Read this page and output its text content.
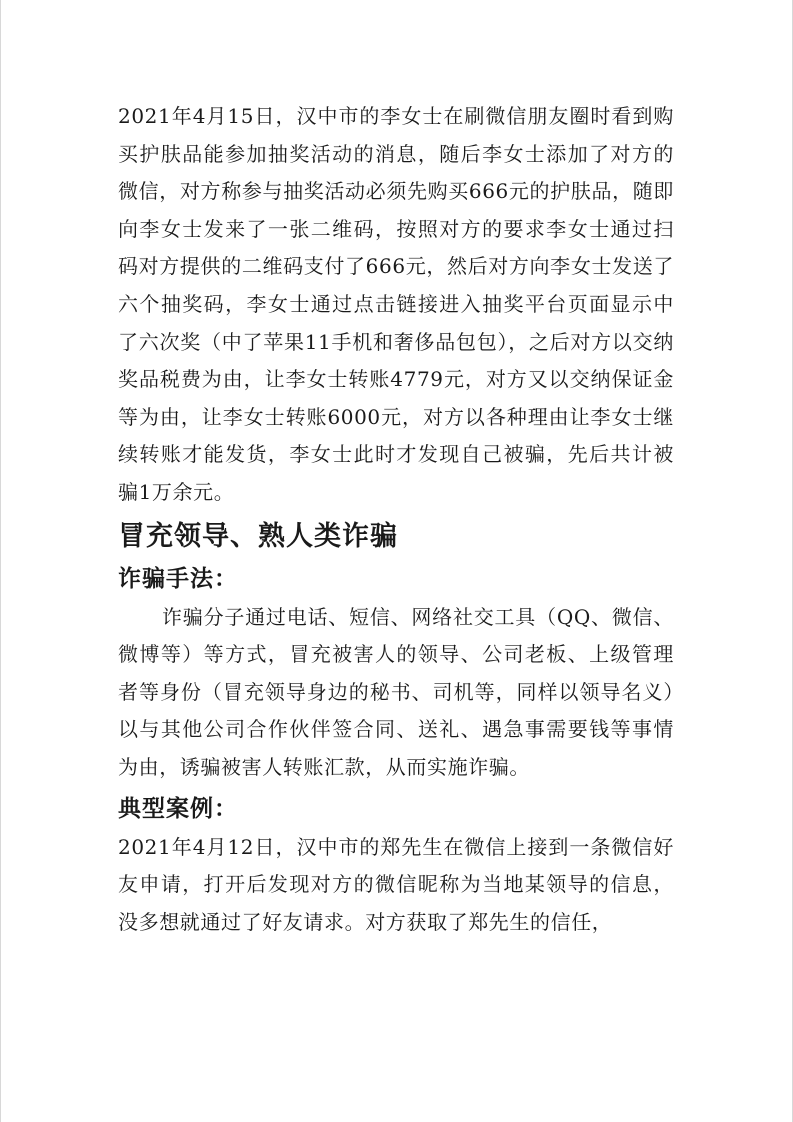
2021年4月15日，汉中市的李女士在刷微信朋友圈时看到购买护肤品能参加抽奖活动的消息，随后李女士添加了对方的微信，对方称参与抽奖活动必须先购买666元的护肤品，随即向李女士发来了一张二维码，按照对方的要求李女士通过扫码对方提供的二维码支付了666元，然后对方向李女士发送了六个抽奖码，李女士通过点击链接进入抽奖平台页面显示中了六次奖（中了苹果11手机和奢侈品包包），之后对方以交纳奖品税费为由，让李女士转账4779元，对方又以交纳保证金等为由，让李女士转账6000元，对方以各种理由让李女士继续转账才能发货，李女士此时才发现自己被骗，先后共计被骗1万余元。

冒充领导、熟人类诈骗
诈骗手法：

诈骗分子通过电话、短信、网络社交工具（QQ、微信、微博等）等方式，冒充被害人的领导、公司老板、上级管理者等身份（冒充领导身边的秘书、司机等，同样以领导名义）以与其他公司合作伙伴签合同、送礼、遇急事需要钱等事情为由，诱骗被害人转账汇款，从而实施诈骗。

典型案例：

2021年4月12日，汉中市的郑先生在微信上接到一条微信好友申请，打开后发现对方的微信昵称为当地某领导的信息，没多想就通过了好友请求。对方获取了郑先生的信任，
